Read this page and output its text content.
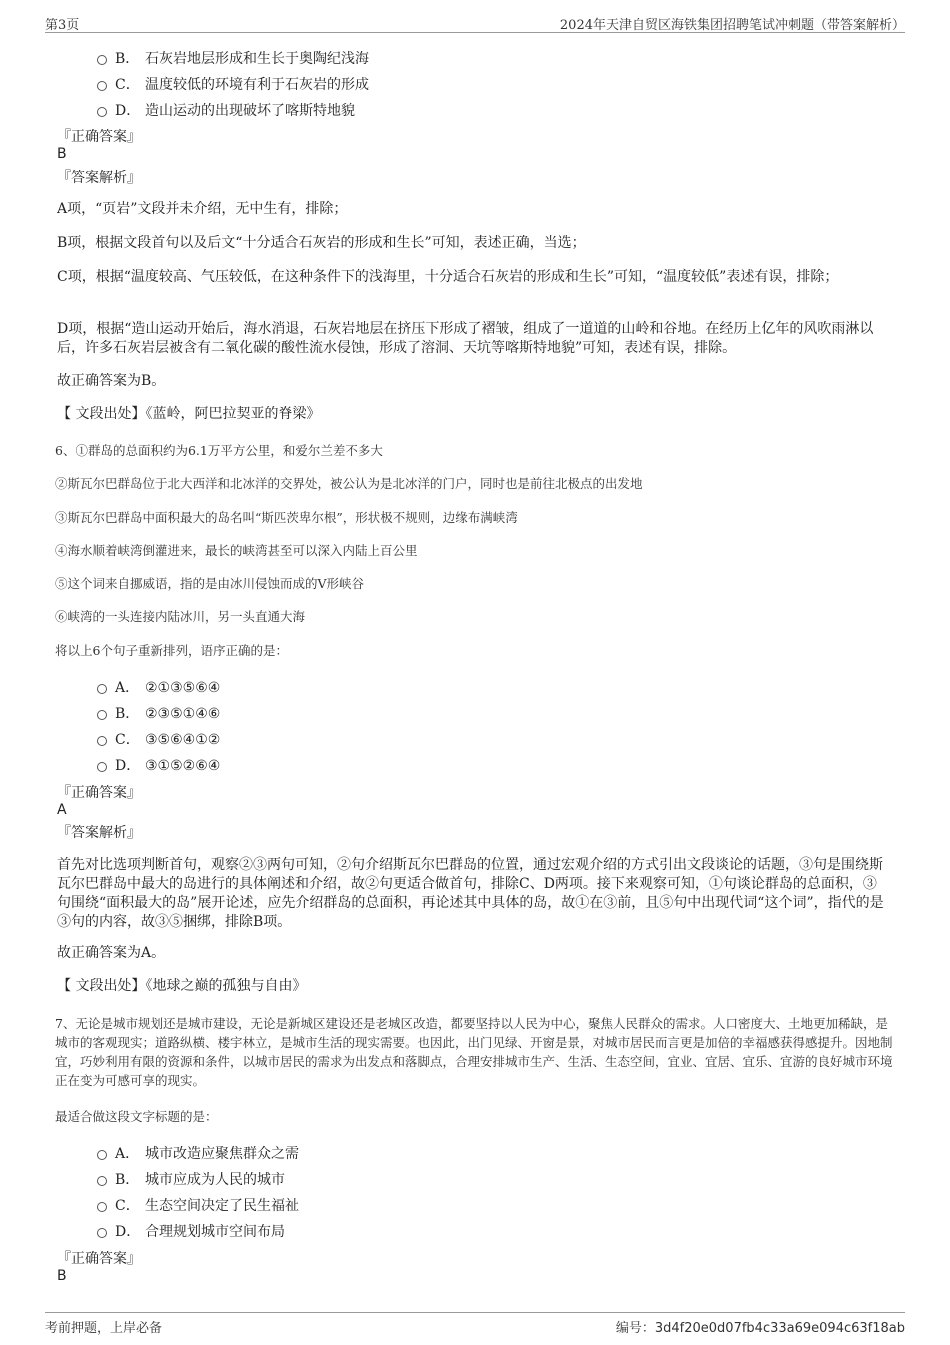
第3页	2024年天津自贸区海铁集团招聘笔试冲刺题（带答案解析）
B． 石灰岩地层形成和生长于奥陶纪浅海
C． 温度较低的环境有利于石灰岩的形成
D． 造山运动的出现破坏了喀斯特地貌
『正确答案』
B
『答案解析』
A项，“页岩”文段并未介绍，无中生有，排除；
B项，根据文段首句以及后文“十分适合石灰岩的形成和生长”可知，表述正确，当选；
C项，根据“温度较高、气压较低，在这种条件下的浅海里，十分适合石灰岩的形成和生长”可知，“温度较低”表述有误，排除；
D项，根据“造山运动开始后，海水消退，石灰岩地层在挤压下形成了褶皱，组成了一道道的山岭和谷地。在经历上亿年的风吹雨淋以后，许多石灰岩层被含有二氧化碳的酸性流水侵蚀，形成了溶洞、天坑等喀斯特地貌”可知，表述有误，排除。
故正确答案为B。
【 文段出处】《蓝岭，阿巴拉契亚的脊梁》
6、①群岛的总面积约为6.1万平方公里，和爱尔兰差不多大
②斯瓦尔巴群岛位于北大西洋和北冰洋的交界处，被公认为是北冰洋的门户，同时也是前往北极点的出发地
③斯瓦尔巴群岛中面积最大的岛名叫“斯匹茨卑尔根”，形状极不规则，边缘布满峡湾
④海水顺着峡湾倒灌进来，最长的峡湾甚至可以深入内陆上百公里
⑤这个词来自挪威语，指的是由冰川侵蚀而成的V形峡谷
⑥峡湾的一头连接内陆冰川，另一头直通大海
将以上6个句子重新排列，语序正确的是：
A． ②①③⑤⑥④
B． ②③⑤①④⑥
C． ③⑤⑥④①②
D． ③①⑤②⑥④
『正确答案』
A
『答案解析』
首先对比选项判断首句，观察②③两句可知，②句介绍斯瓦尔巴群岛的位置，通过宏观介绍的方式引出文段谈论的话题，③句是围绕斯瓦尔巴群岛中最大的岛进行的具体阐述和介绍，故②句更适合做首句，排除C、D两项。接下来观察可知，①句谈论群岛的总面积，③句围绕“面积最大的岛”展开论述，应先介绍群岛的总面积，再论述其中具体的岛，故①在③前，且⑤句中出现代词“这个词”，指代的是③句的内容，故③⑤捆绑，排除B项。
故正确答案为A。
【 文段出处】《地球之巅的孤独与自由》
7、无论是城市规划还是城市建设，无论是新城区建设还是老城区改造，都要坚持以人民为中心，聚焦人民群众的需求。人口密度大、土地更加稀缺，是城市的客观现实；道路纵横、楼宇林立，是城市生活的现实需要。也因此，出门见绿、开窗是景，对城市居民而言更是加倍的幸福感获得感提升。因地制宜，巧妙利用有限的资源和条件，以城市居民的需求为出发点和落脚点，合理安排城市生产、生活、生态空间，宜业、宜居、宜乐、宜游的良好城市环境正在变为可感可享的现实。
最适合做这段文字标题的是：
A． 城市改造应聚焦群众之需
B． 城市应成为人民的城市
C． 生态空间决定了民生福祉
D． 合理规划城市空间布局
『正确答案』
B
考前押题，上岸必备	编号：3d4f20e0d07fb4c33a69e094c63f18ab
